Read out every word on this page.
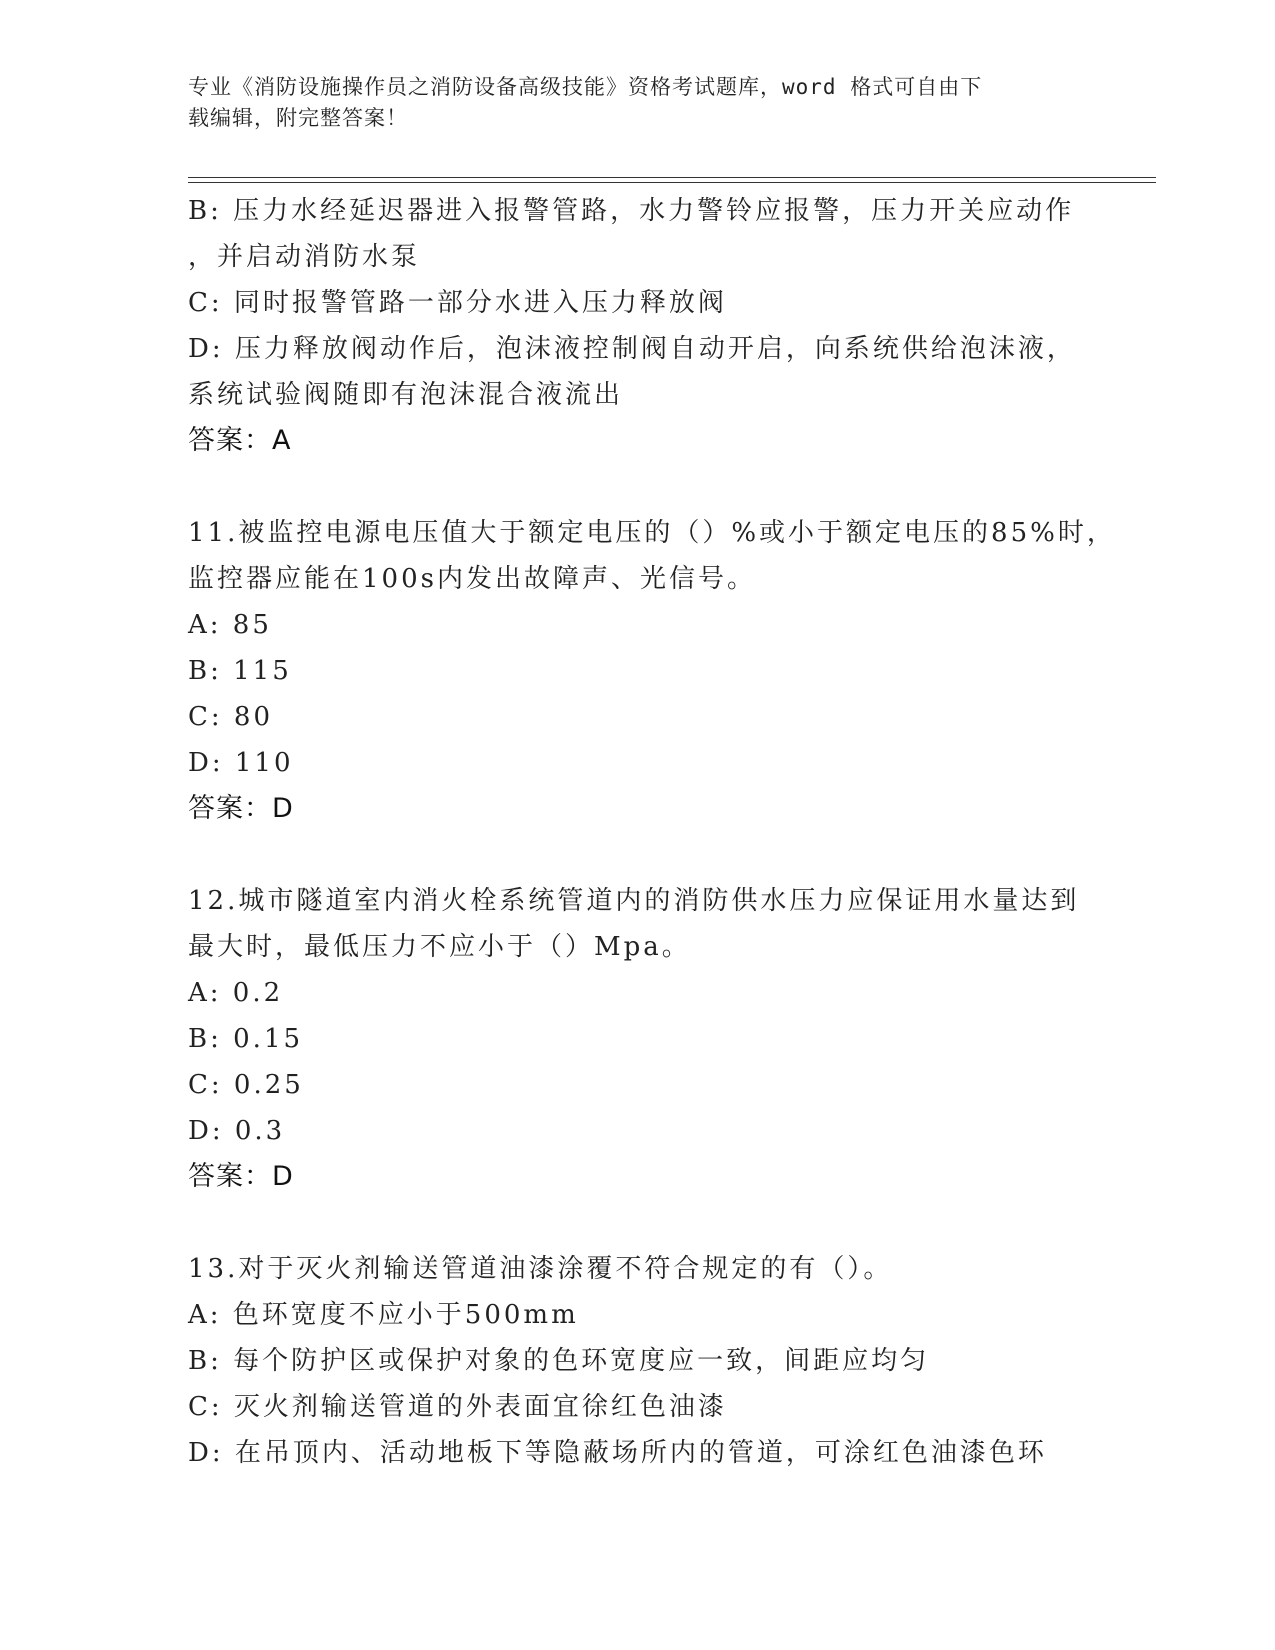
专业《消防设施操作员之消防设备高级技能》资格考试题库，word 格式可自由下
载编辑，附完整答案！
B: 压力水经延迟器进入报警管路，水力警铃应报警，压力开关应动作
，并启动消防水泵
C: 同时报警管路一部分水进入压力释放阀
D: 压力释放阀动作后，泡沫液控制阀自动开启，向系统供给泡沫液，
系统试验阀随即有泡沫混合液流出
答案：A
11.被监控电源电压值大于额定电压的（）%或小于额定电压的85%时，
监控器应能在100s内发出故障声、光信号。
A: 85
B: 115
C: 80
D: 110
答案：D
12.城市隧道室内消火栓系统管道内的消防供水压力应保证用水量达到
最大时，最低压力不应小于（）Mpa。
A: 0.2
B: 0.15
C: 0.25
D: 0.3
答案：D
13.对于灭火剂输送管道油漆涂覆不符合规定的有（）。
A: 色环宽度不应小于500mm
B: 每个防护区或保护对象的色环宽度应一致，间距应均匀
C: 灭火剂输送管道的外表面宜徐红色油漆
D: 在吊顶内、活动地板下等隐蔽场所内的管道，可涂红色油漆色环
